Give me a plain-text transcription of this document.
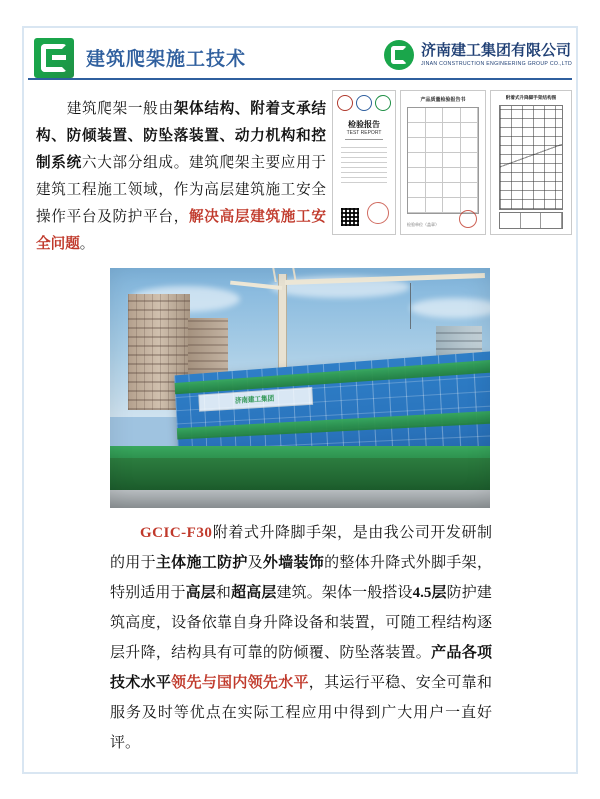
建筑爬架施工技术	济南建工集团有限公司
JINAN CONSTRUCTION ENGINEERING GROUP CO.,LTD
建筑爬架一般由架体结构、附着支承结构、防倾装置、防坠落装置、动力机构和控制系统六大部分组成。建筑爬架主要应用于建筑工程施工领域，作为高层建筑施工安全操作平台及防护平台，解决高层建筑施工安全问题。
检验报告
TEST REPORT
产品质量检验报告书
检验单位（盖章）
附着式升降脚手架结构图
济南建工集团
GCIC-F30附着式升降脚手架，是由我公司开发研制的用于主体施工防护及外墙装饰的整体升降式外脚手架，特别适用于高层和超高层建筑。架体一般搭设4.5层防护建筑高度，设备依靠自身升降设备和装置，可随工程结构逐层升降，结构具有可靠的防倾覆、防坠落装置。产品各项技术水平领先与国内领先水平，其运行平稳、安全可靠和服务及时等优点在实际工程应用中得到广大用户一直好评。
